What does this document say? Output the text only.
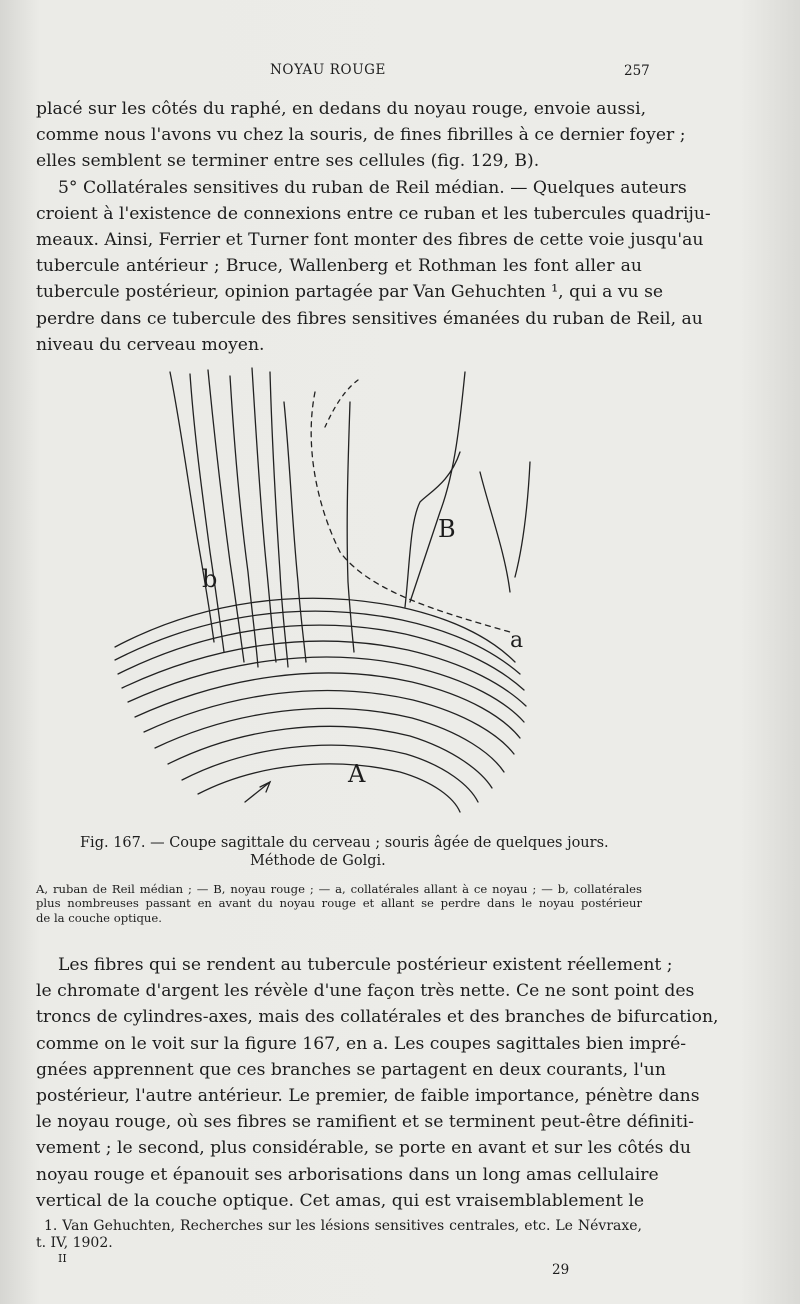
NOYAU ROUGE	257
placé sur les côtés du raphé, en dedans du noyau rouge, envoie aussi,
comme nous l'avons vu chez la souris, de fines fibrilles à ce dernier foyer ;
elles semblent se terminer entre ses cellules (fig. 129, B).
5° Collatérales sensitives du ruban de Reil médian. — Quelques auteurs
croient à l'existence de connexions entre ce ruban et les tubercules quadriju-
meaux. Ainsi, Ferrier et Turner font monter des fibres de cette voie jusqu'au
tubercule antérieur ; Bruce, Wallenberg et Rothman les font aller au
tubercule postérieur, opinion partagée par Van Gehuchten ¹, qui a vu se
perdre dans ce tubercule des fibres sensitives émanées du ruban de Reil, au
niveau du cerveau moyen.
b
B
a
A
Fig. 167. — Coupe sagittale du cerveau ; souris âgée de quelques jours.
Méthode de Golgi.
A, ruban de Reil médian ; — B, noyau rouge ; — a, collatérales allant à ce noyau ; — b, collatérales
plus nombreuses passant en avant du noyau rouge et allant se perdre dans le noyau postérieur
de la couche optique.
Les fibres qui se rendent au tubercule postérieur existent réellement ;
le chromate d'argent les révèle d'une façon très nette. Ce ne sont point des
troncs de cylindres-axes, mais des collatérales et des branches de bifurcation,
comme on le voit sur la figure 167, en a. Les coupes sagittales bien impré-
gnées apprennent que ces branches se partagent en deux courants, l'un
postérieur, l'autre antérieur. Le premier, de faible importance, pénètre dans
le noyau rouge, où ses fibres se ramifient et se terminent peut-être définiti-
vement ; le second, plus considérable, se porte en avant et sur les côtés du
noyau rouge et épanouit ses arborisations dans un long amas cellulaire
vertical de la couche optique. Cet amas, qui est vraisemblablement le
1. Van Gehuchten, Recherches sur les lésions sensitives centrales, etc. Le Névraxe,
t. IV, 1902.
II
29
